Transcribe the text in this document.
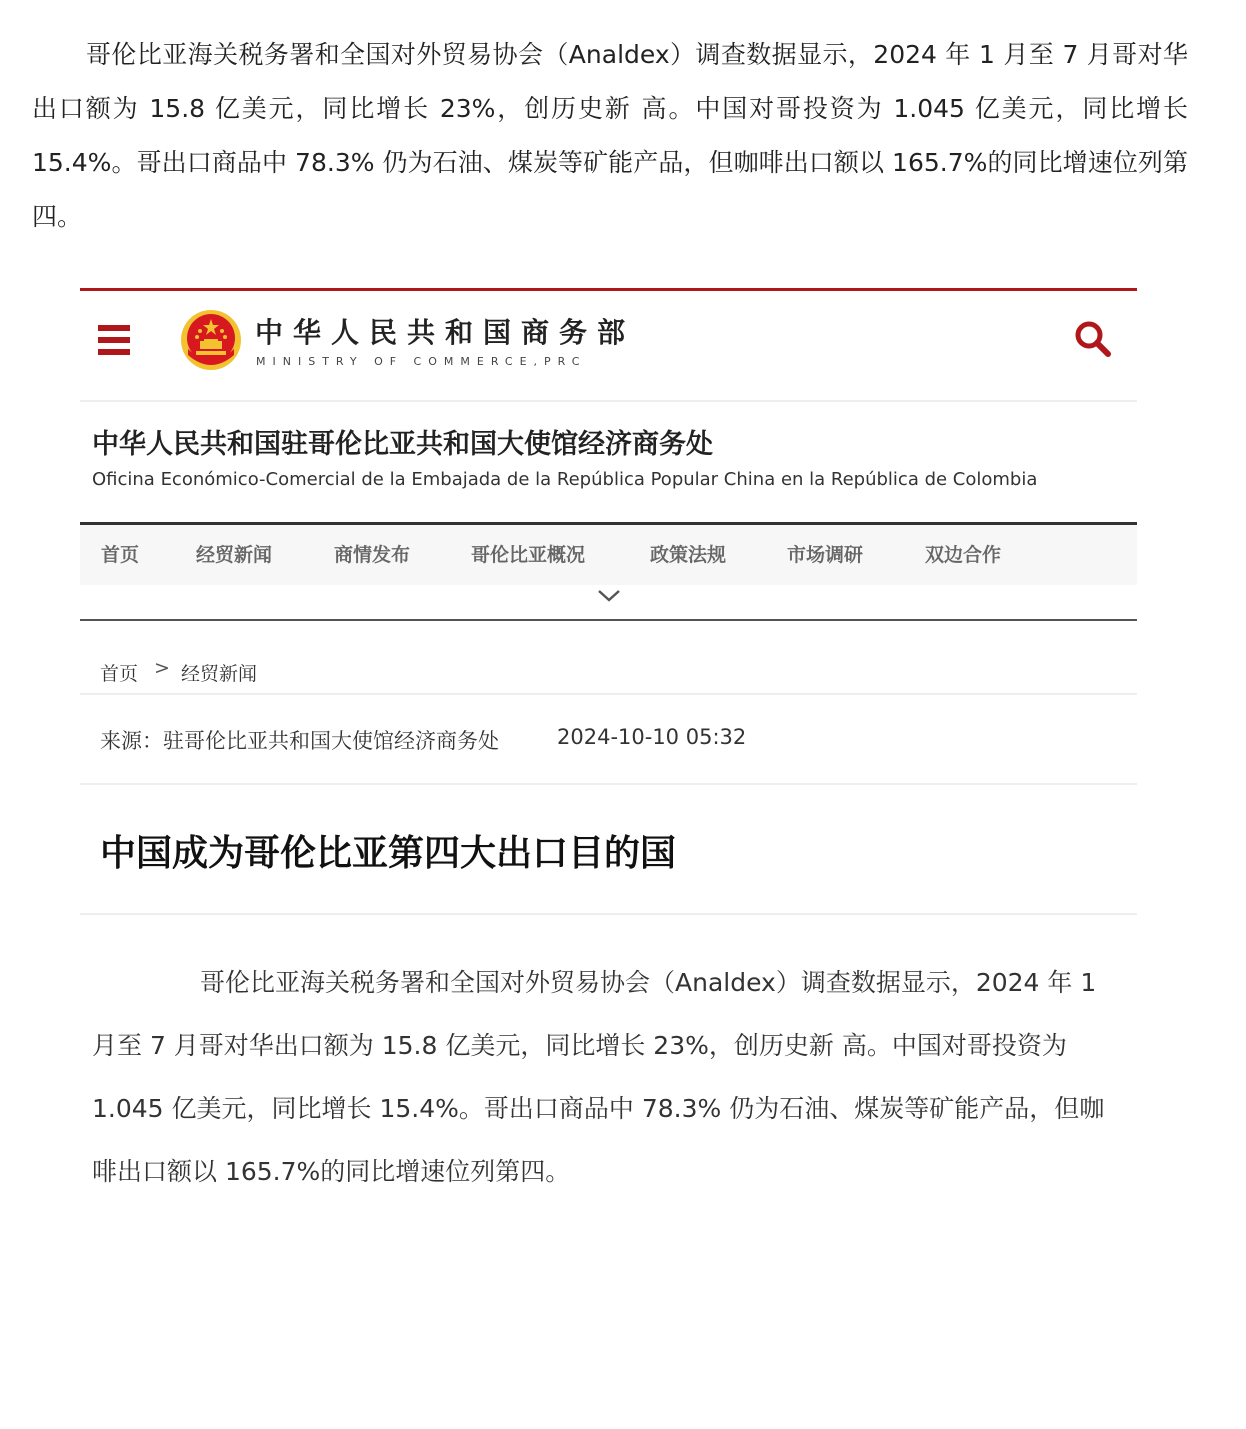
哥伦比亚海关税务署和全国对外贸易协会（Analdex）调查数据显示，2024 年 1 月至 7 月哥对华出口额为 15.8 亿美元，同比增长 23%，创历史新 高。中国对哥投资为 1.045 亿美元，同比增长 15.4%。哥出口商品中 78.3% 仍为石油、煤炭等矿能产品，但咖啡出口额以 165.7%的同比增速位列第四。

中华人民共和国商务部
MINISTRY OF COMMERCE,PRC
中华人民共和国驻哥伦比亚共和国大使馆经济商务处
Oficina Económico-Comercial de la Embajada de la República Popular China en la República de Colombia
首页	经贸新闻	商情发布	哥伦比亚概况	政策法规	市场调研	双边合作
首页 > 经贸新闻
来源：驻哥伦比亚共和国大使馆经济商务处	2024-10-10 05:32
中国成为哥伦比亚第四大出口目的国

哥伦比亚海关税务署和全国对外贸易协会（Analdex）调查数据显示，2024 年 1 月至 7 月哥对华出口额为 15.8 亿美元，同比增长 23%，创历史新 高。中国对哥投资为 1.045 亿美元，同比增长 15.4%。哥出口商品中 78.3% 仍为石油、煤炭等矿能产品，但咖啡出口额以 165.7%的同比增速位列第四。
